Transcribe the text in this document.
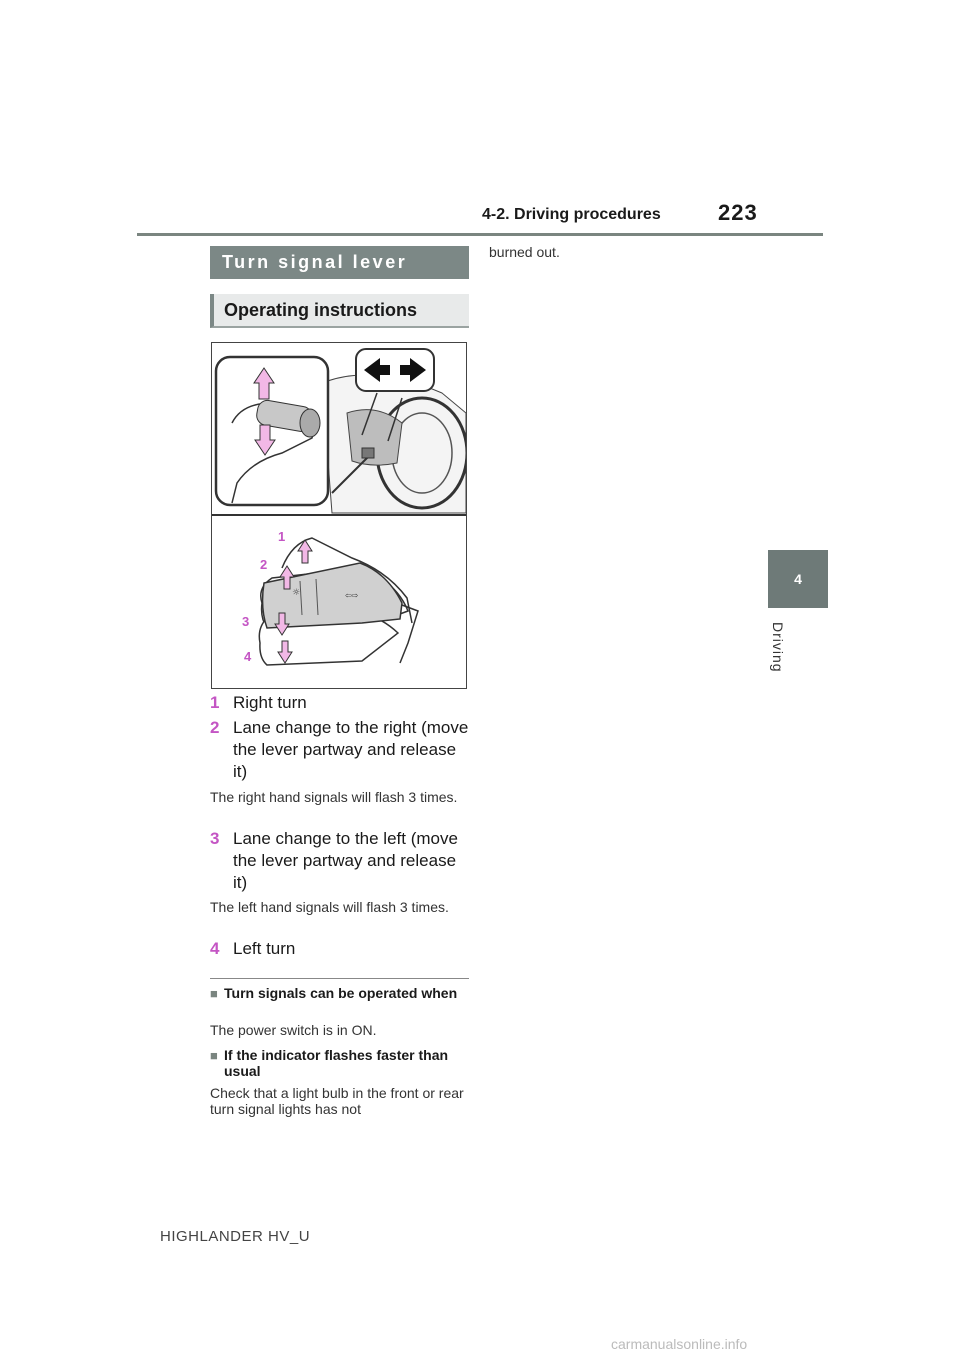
4-2. Driving procedures	223
4
Driving
Turn signal lever
Operating instructions
☼	⇦⇨
1
2
3
4
1 Right turn
2 Lane change to the right (move the lever partway and release it)
The right hand signals will flash 3 times.
3 Lane change to the left (move the lever partway and release it)
The left hand signals will flash 3 times.
4 Left turn
■ Turn signals can be operated when
The power switch is in ON.
■ If the indicator flashes faster than usual
Check that a light bulb in the front or rear turn signal lights has not
burned out.
HIGHLANDER HV_U
carmanualsonline.info
